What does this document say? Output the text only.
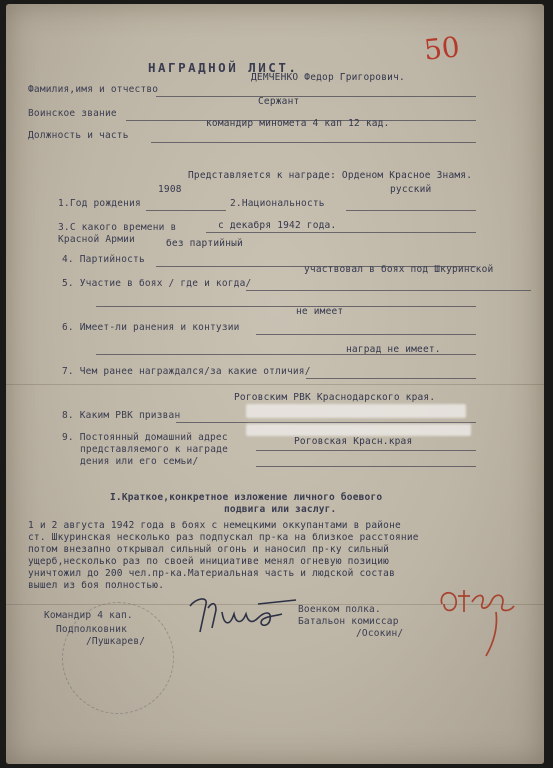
50
НАГРАДНОЙ ЛИСТ.
Фамилия,имя и отчество
ДЕМЧЕНКО Федор Григорович.
Воинское звание
Сержант
Должность и часть
командир миномета 4 кап 12 кад.
Представляется к награде: Орденом Красное Знамя.
1908	русский
1.Год рождения	2.Национальность
3.С какого времени в Красной Армии
с декабря 1942 года.
без партийный
4. Партийность
участвовал в боях под Шкуринской
5. Участие в боях / где и когда/
не имеет
6. Имеет-ли ранения и контузии
наград не имеет.
7. Чем ранее награждался/за какие отличия/
Роговским РВК Краснодарского края.
8. Каким РВК призван
9. Постоянный домашний адрес
представляемого к награде
дения или его семьи/
Роговская Красн.края
I.Краткое,конкретное изложение личного боевого
подвига или заслуг.
1 и 2 августа 1942 года в боях с немецкими оккупантами в районе
ст. Шкуринская несколько раз подпускал пр-ка на близкое расстояние
потом внезапно открывал сильный огонь и наносил пр-ку сильный
ущерб,несколько раз по своей инициативе менял огневую позицию
уничтожил до 200 чел.пр-ка.Материальная часть и людской состав
вышел из боя полностью.
Командир 4 кап.
Подполковник
/Пушкарев/
Военком полка.
Батальон комиссар
/Осокин/
